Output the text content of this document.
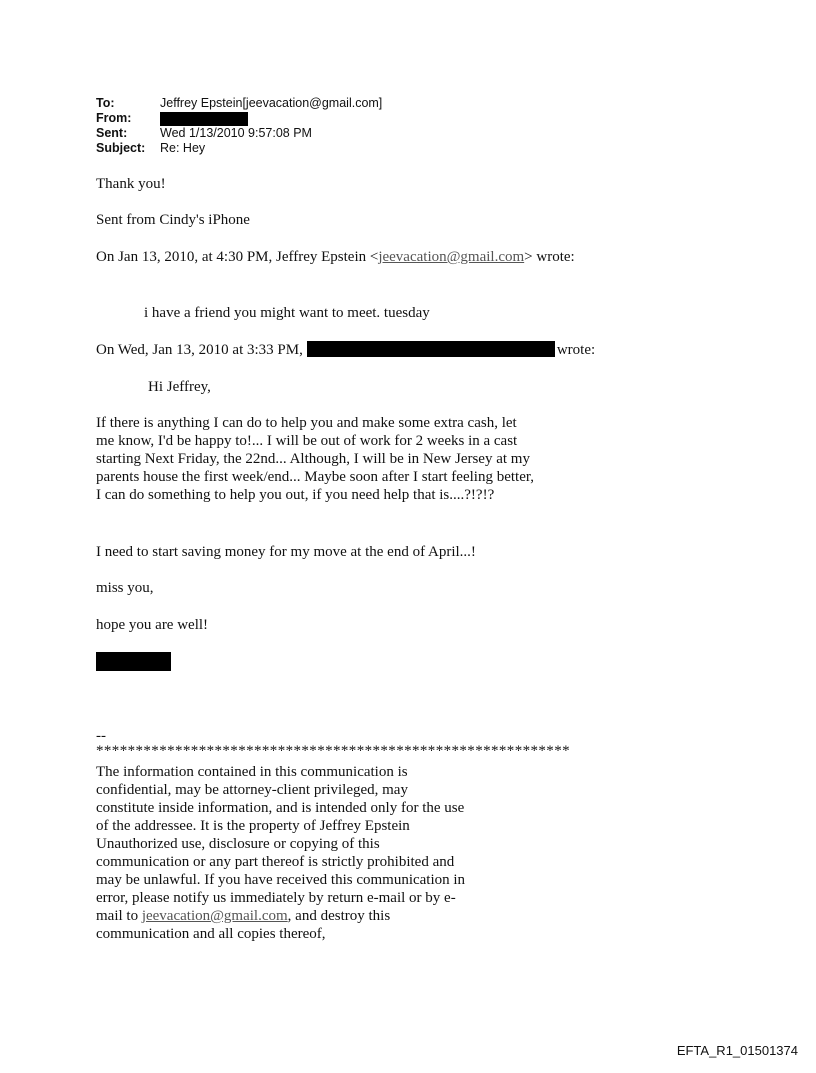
To:	Jeffrey Epstein[jeevacation@gmail.com]
From:
Sent:	Wed 1/13/2010 9:57:08 PM
Subject:	Re: Hey
Thank you!
Sent from Cindy's iPhone
On Jan 13, 2010, at 4:30 PM, Jeffrey Epstein <jeevacation@gmail.com> wrote:
i have a friend you might want to meet. tuesday
On Wed, Jan 13, 2010 at 3:33 PM,	wrote:
Hi Jeffrey,
If there is anything I can do to help you and make some extra cash, let me know, I'd be happy to!... I will be out of work for 2 weeks in a cast starting Next Friday, the 22nd... Although, I will be in New Jersey at my parents house the first week/end... Maybe soon after I start feeling better, I can do something to help you out, if you need help that is....?!?!?
I need to start saving money for my move at the end of April...!
miss you,
hope you are well!
--
************************************************************
The information contained in this communication is confidential, may be attorney-client privileged, may constitute inside information, and is intended only for the use of the addressee. It is the property of Jeffrey Epstein Unauthorized use, disclosure or copying of this communication or any part thereof is strictly prohibited and may be unlawful. If you have received this communication in error, please notify us immediately by return e-mail or by e-mail to jeevacation@gmail.com, and destroy this communication and all copies thereof,
EFTA_R1_01501374
